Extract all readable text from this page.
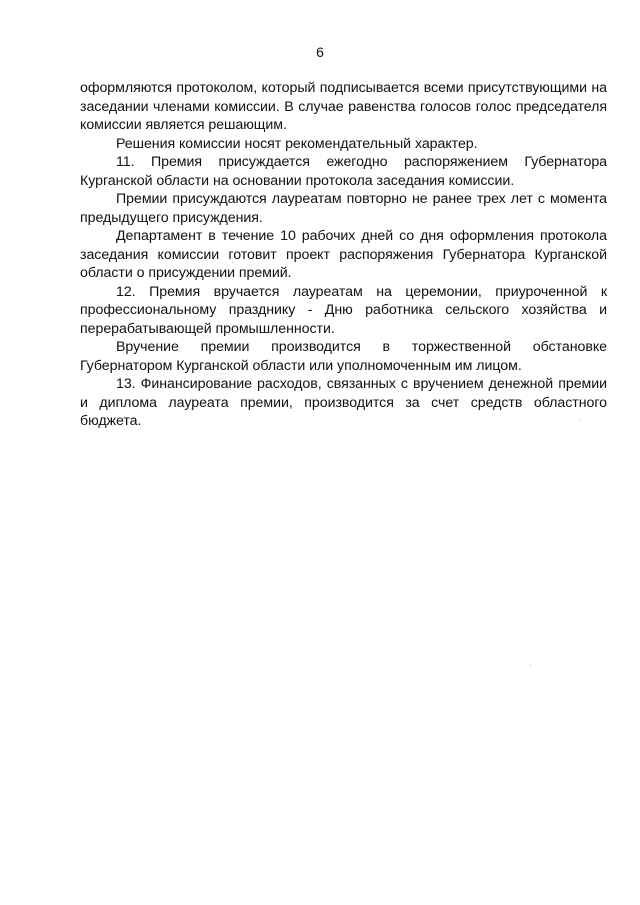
6

оформляются протоколом, который подписывается всеми присутствующими на заседании членами комиссии. В случае равенства голосов голос председателя комиссии является решающим.

Решения комиссии носят рекомендательный характер.

11. Премия присуждается ежегодно распоряжением Губернатора Курганской области на основании протокола заседания комиссии.

Премии присуждаются лауреатам повторно не ранее трех лет с момента предыдущего присуждения.

Департамент в течение 10 рабочих дней со дня оформления протокола заседания комиссии готовит проект распоряжения Губернатора Курганской области о присуждении премий.

12. Премия вручается лауреатам на церемонии, приуроченной к профессиональному празднику - Дню работника сельского хозяйства и перерабатывающей промышленности.

Вручение премии производится в торжественной обстановке Губернатором Курганской области или уполномоченным им лицом.

13. Финансирование расходов, связанных с вручением денежной премии и диплома лауреата премии, производится за счет средств областного бюджета.
